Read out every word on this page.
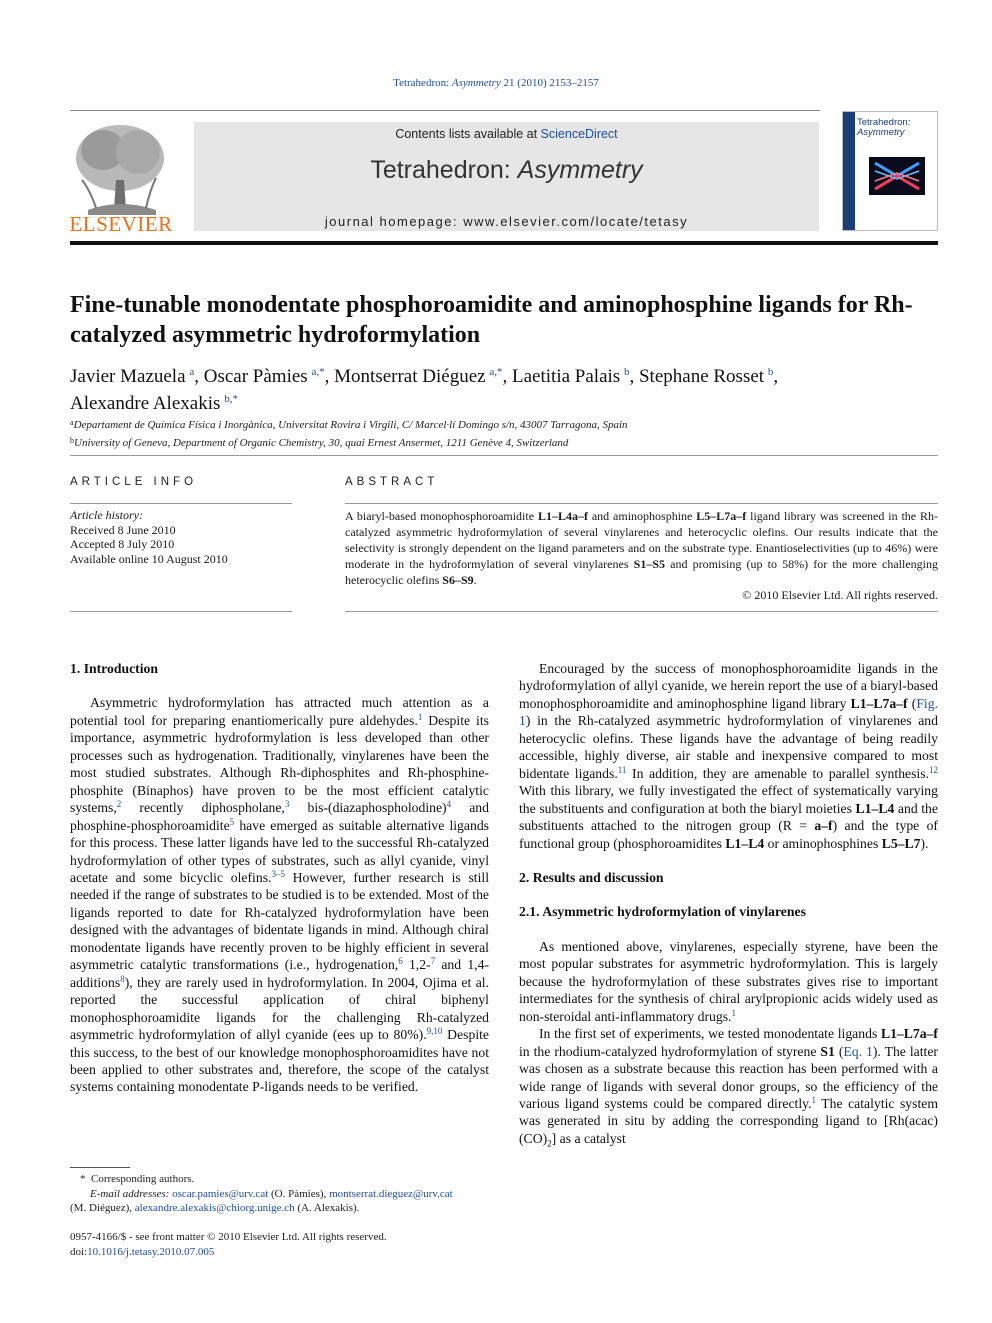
Tetrahedron: Asymmetry 21 (2010) 2153–2157
ELSEVIER
Contents lists available at ScienceDirect
Tetrahedron: Asymmetry
journal homepage: www.elsevier.com/locate/tetasy
Tetrahedron:
Asymmetry
Fine-tunable monodentate phosphoroamidite and aminophosphine ligands for Rh-catalyzed asymmetric hydroformylation
Javier Mazuela  $^a$, Oscar Pàmies  $^{a,*}$, Montserrat Diéguez  $^{a,*}$, Laetitia Palais  $^b$, Stephane Rosset  $^b$,
Alexandre Alexakis  $^{b,*}$
$^a$Departament de Química Física i Inorgànica, Universitat Rovira i Virgili, C/ Marcel·lí Domingo s/n, 43007 Tarragona, Spain
$^b$University of Geneva, Department of Organic Chemistry, 30, quai Ernest Ansermet, 1211 Genève 4, Switzerland
ARTICLE INFO
Article history:
Received 8 June 2010
Accepted 8 July 2010
Available online 10 August 2010
ABSTRACT
A biaryl-based monophosphoroamidite L1–L4a–f and aminophosphine L5–L7a–f ligand library was screened in the Rh-catalyzed asymmetric hydroformylation of several vinylarenes and heterocyclic olefins. Our results indicate that the selectivity is strongly dependent on the ligand parameters and on the substrate type. Enantioselectivities (up to 46%) were moderate in the hydroformylation of several vinylarenes S1–S5 and promising (up to 58%) for the more challenging heterocyclic olefins S6–S9.
© 2010 Elsevier Ltd. All rights reserved.
1. Introduction

Asymmetric hydroformylation has attracted much attention as a potential tool for preparing enantiomerically pure aldehydes.$^1$ Despite its importance, asymmetric hydroformylation is less developed than other processes such as hydrogenation. Traditionally, vinylarenes have been the most studied substrates. Although Rh-diphosphites and Rh-phosphine-phosphite (Binaphos) have proven to be the most efficient catalytic systems,$^2$ recently diphospholane,$^3$ bis-(diazaphospholodine)$^4$ and phosphine-phosphoroamidite$^5$ have emerged as suitable alternative ligands for this process. These latter ligands have led to the successful Rh-catalyzed hydroformylation of other types of substrates, such as allyl cyanide, vinyl acetate and some bicyclic olefins.$^{3-5}$ However, further research is still needed if the range of substrates to be studied is to be extended. Most of the ligands reported to date for Rh-catalyzed hydroformylation have been designed with the advantages of bidentate ligands in mind. Although chiral monodentate ligands have recently proven to be highly efficient in several asymmetric catalytic transformations (i.e., hydrogenation,$^6$ 1,2-$^7$ and 1,4-additions$^8$), they are rarely used in hydroformylation. In 2004, Ojima et al. reported the successful application of chiral biphenyl monophosphoroamidite ligands for the challenging Rh-catalyzed asymmetric hydroformylation of allyl cyanide (ees up to 80%).$^{9,10}$ Despite this success, to the best of our knowledge monophosphoroamidites have not been applied to other substrates and, therefore, the scope of the catalyst systems containing monodentate P-ligands needs to be verified.

Encouraged by the success of monophosphoroamidite ligands in the hydroformylation of allyl cyanide, we herein report the use of a biaryl-based monophosphoroamidite and aminophosphine ligand library L1–L7a–f (Fig. 1) in the Rh-catalyzed asymmetric hydroformylation of vinylarenes and heterocyclic olefins. These ligands have the advantage of being readily accessible, highly diverse, air stable and inexpensive compared to most bidentate ligands.$^{11}$ In addition, they are amenable to parallel synthesis.$^{12}$ With this library, we fully investigated the effect of systematically varying the substituents and configuration at both the biaryl moieties L1–L4 and the substituents attached to the nitrogen group (R = a–f) and the type of functional group (phosphoroamidites L1–L4 or aminophosphines L5–L7).

2. Results and discussion
2.1. Asymmetric hydroformylation of vinylarenes

As mentioned above, vinylarenes, especially styrene, have been the most popular substrates for asymmetric hydroformylation. This is largely because the hydroformylation of these substrates gives rise to important intermediates for the synthesis of chiral arylpropionic acids widely used as non-steroidal anti-inflammatory drugs.$^1$

In the first set of experiments, we tested monodentate ligands L1–L7a–f in the rhodium-catalyzed hydroformylation of styrene S1 (Eq. 1). The latter was chosen as a substrate because this reaction has been performed with a wide range of ligands with several donor groups, so the efficiency of the various ligand systems could be compared directly.$^1$ The catalytic system was generated in situ by adding the corresponding ligand to $[Rh(acac)(CO)_2]$ as a catalyst

* Corresponding authors.
E-mail addresses: oscar.pamies@urv.cat (O. Pàmies), montserrat.dieguez@urv.cat
(M. Diéguez), alexandre.alexakis@chiorg.unige.ch (A. Alexakis).
0957-4166/$ - see front matter © 2010 Elsevier Ltd. All rights reserved.
doi:10.1016/j.tetasy.2010.07.005
